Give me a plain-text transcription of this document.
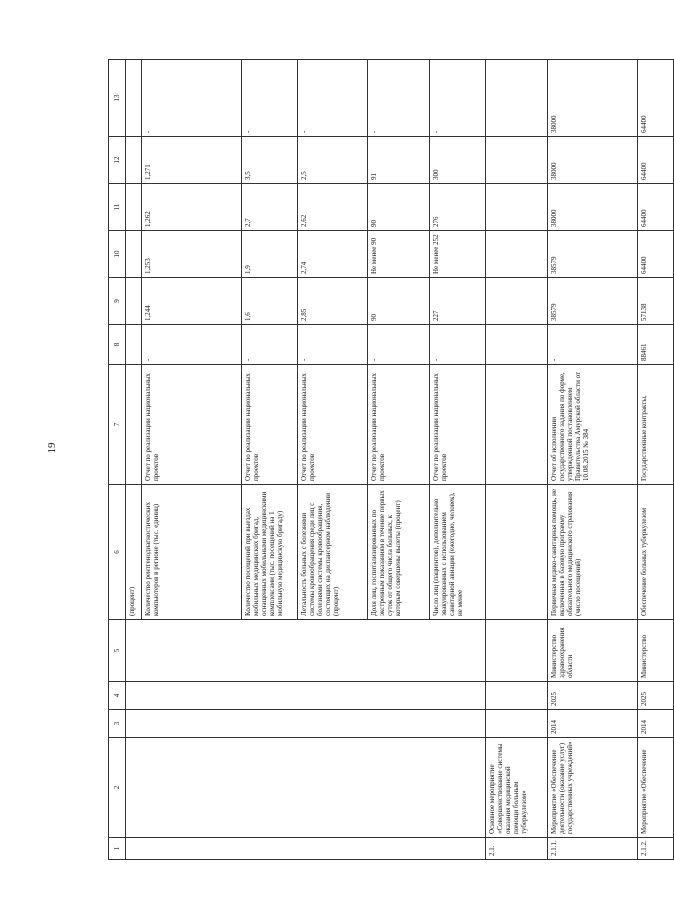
19
1	2	3	4	5	6	7	8	9	10	11	12	13
					(процент)							
					Количество рентгенодиагностических компьютеров в регионе (тыс. единиц)	Отчет по реализации национальных проектов	-	1,244	1,253	1,262	1,271	-
					Количество посещений при выездах мобильных медицинских бригад, оснащенных мобильными медицинскими комплексами (тыс. посещений на 1 мобильную медицинскую бригаду)	Отчет по реализации национальных проектов	-	1,6	1,9	2,7	3,5	-
					Летальность больных с болезнями системы кровообращения среди лиц с болезнями системы кровообращения, состоящих на диспансерном наблюдении (процент)	Отчет по реализации национальных проектов	-	2,85	2,74	2,62	2,5	-
					Доля лиц, госпитализированных по экстренным показаниям в течение первых суток от общего числа больных, к которым совершены вылеты (процент)	Отчет по реализации национальных проектов	-	90	Не менее 90	90	91	-
					Число лиц (пациентов), дополнительно эвакуированных с использованием санитарной авиации (ежегодно, человек), не менее	Отчет по реализации национальных проектов	-	227	Не менее 252	276	300	-
2.1.	Основное мероприятие «Совершенствование системы оказания медицинской помощи больным туберкулезом»											
2.1.1.	Мероприятие «Обеспечение деятельности (оказание услуг) государственных учреждений»	2014	2025	Министерство здравоохранения области	Первичная медико-санитарная помощь, не включенная в базовую программу обязательного медицинского страхования (число посещений)	Отчет об исполнении государственного задания по форме, утвержденной постановлением Правительства Амурской области от 10.08.2015 № 384	-	38579	38579	38000	38000	38000
2.1.2.	Мероприятие «Обеспечение	2014	2025	Министерство	Обеспечение больных туберкулезом	Государственные контракты,	88461	57138	64400	64400	64400	64400
